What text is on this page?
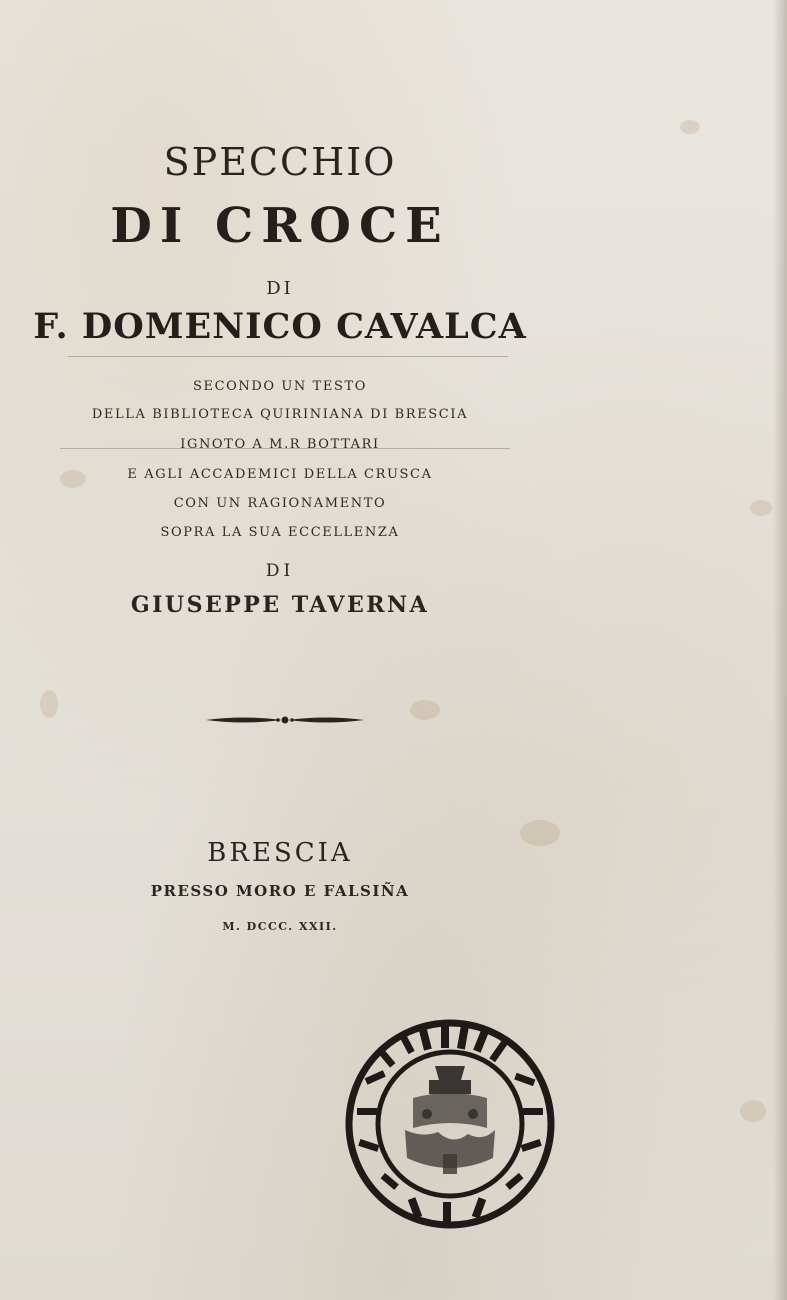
SPECCHIO
DI CROCE
DI
F. DOMENICO CAVALCA
SECONDO UN TESTO
DELLA BIBLIOTECA QUIRINIANA DI BRESCIA
IGNOTO A M.R BOTTARI
E AGLI ACCADEMICI DELLA CRUSCA
CON UN RAGIONAMENTO
SOPRA LA SUA ECCELLENZA
DI
GIUSEPPE TAVERNA
BRESCIA
PRESSO MORO E FALSIÑA
M. DCCC. XXII.
